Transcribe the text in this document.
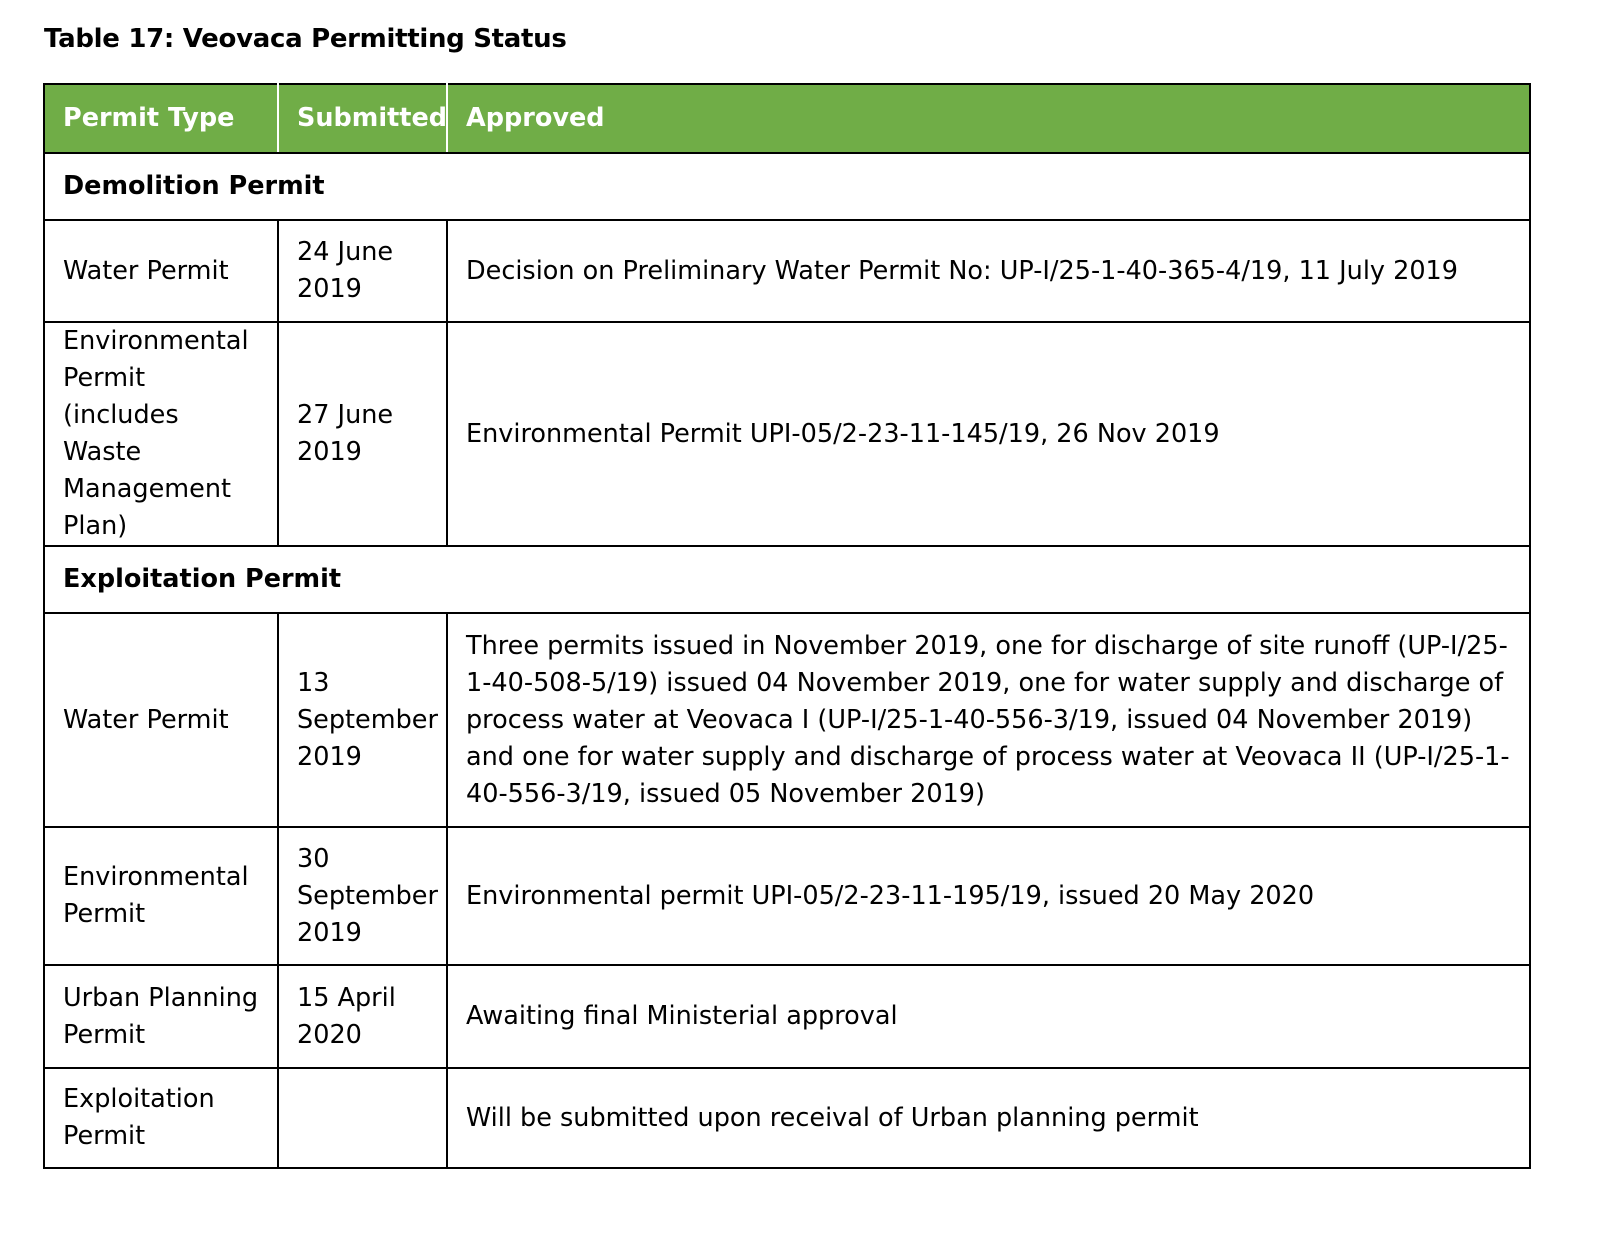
Table 17: Veovaca Permitting Status
Permit Type	Submitted	Approved
Demolition Permit		
Water Permit	24 June 2019	Decision on Preliminary Water Permit No: UP-I/25-1-40-365-4/19, 11 July 2019
Environmental Permit (includes Waste Management Plan)	27 June 2019	Environmental Permit UPI-05/2-23-11-145/19, 26 Nov 2019
Exploitation Permit		
Water Permit	13 September 2019	Three permits issued in November 2019, one for discharge of site runoff (UP-I/25-1-40-508-5/19) issued 04 November 2019, one for water supply and discharge of process water at Veovaca I (UP-I/25-1-40-556-3/19, issued 04 November 2019) and one for water supply and discharge of process water at Veovaca II (UP-I/25-1-40-556-3/19, issued 05 November 2019)
Environmental Permit	30 September 2019	Environmental permit UPI-05/2-23-11-195/19, issued 20 May 2020
Urban Planning Permit	15 April 2020	Awaiting final Ministerial approval
Exploitation Permit		Will be submitted upon receival of Urban planning permit
